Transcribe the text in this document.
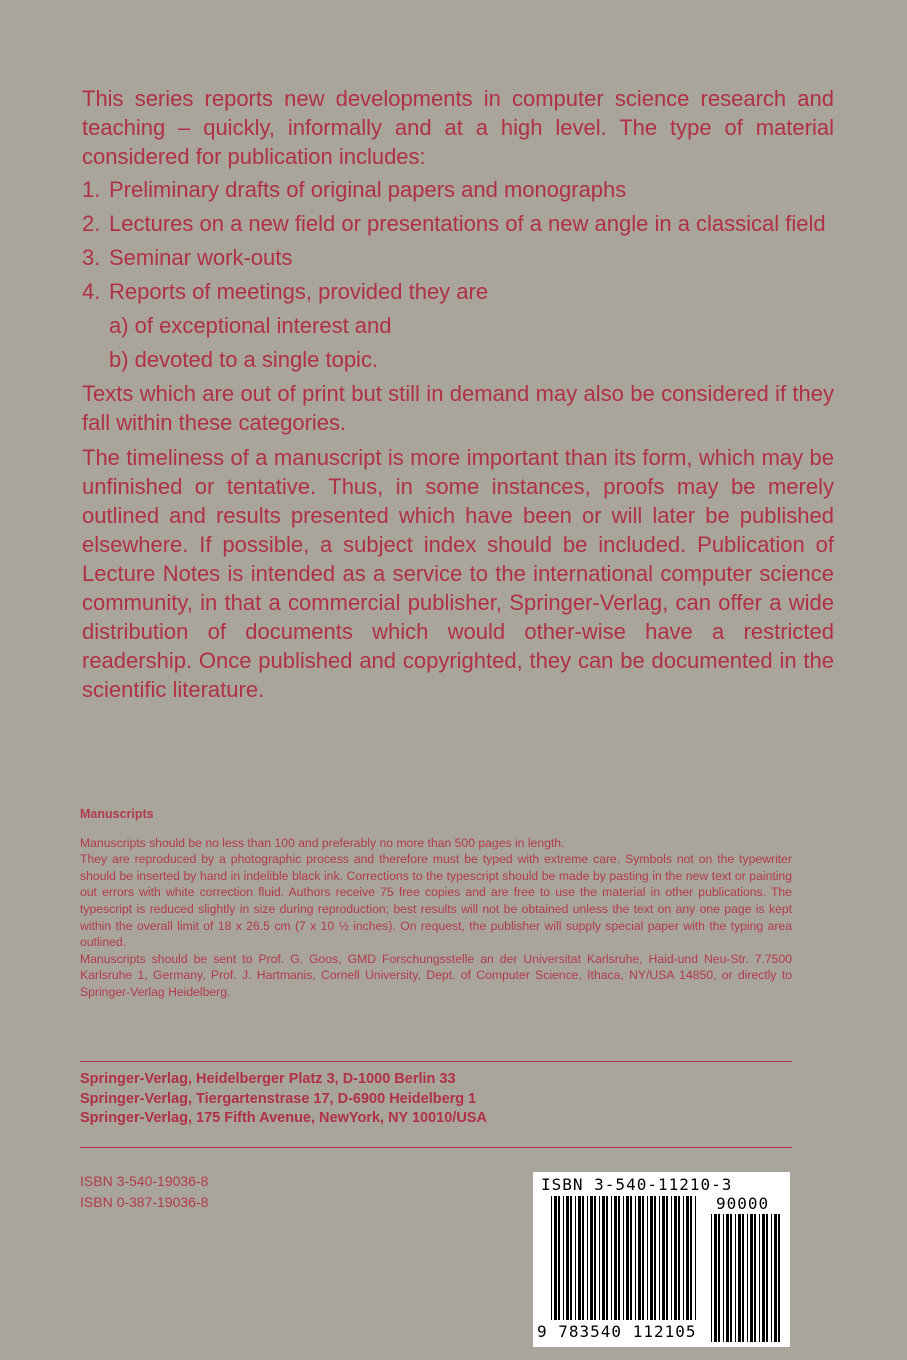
This series reports new developments in computer science research and teaching – quickly, informally and at a high level. The type of material considered for publication includes:

1. Preliminary drafts of original papers and monographs
2. Lectures on a new field or presentations of a new angle in a classical field
3. Seminar work-outs
4. Reports of meetings, provided they are
a) of exceptional interest and
b) devoted to a single topic.

Texts which are out of print but still in demand may also be considered if they fall within these categories.

The timeliness of a manuscript is more important than its form, which may be unfinished or tentative. Thus, in some instances, proofs may be merely outlined and results presented which have been or will later be published elsewhere. If possible, a subject index should be included. Publication of Lecture Notes is intended as a service to the international computer science community, in that a commercial publisher, Springer-Verlag, can offer a wide distribution of documents which would other-wise have a restricted readership. Once published and copyrighted, they can be documented in the scientific literature.

Manuscripts

Manuscripts should be no less than 100 and preferably no more than 500 pages in length.

They are reproduced by a photographic process and therefore must be typed with extreme care. Symbols not on the typewriter should be inserted by hand in indelible black ink. Corrections to the typescript should be made by pasting in the new text or painting out errors with white correction fluid. Authors receive 75 free copies and are free to use the material in other publications. The typescript is reduced slightly in size during reproduction; best results will not be obtained unless the text on any one page is kept within the overall limit of 18 x 26.5 cm (7 x 10 ½ inches). On request, the publisher will supply special paper with the typing area outlined.

Manuscripts should be sent to Prof. G. Goos, GMD Forschungsstelle an der Universitat Karlsruhe, Haid-und Neu-Str. 7.7500 Karlsruhe 1, Germany, Prof. J. Hartmanis, Cornell University, Dept. of Computer Science, Ithaca, NY/USA 14850, or directly to Springer-Verlag Heidelberg.

Springer-Verlag, Heidelberger Platz 3, D-1000 Berlin 33
Springer-Verlag, Tiergartenstrase 17, D-6900 Heidelberg 1
Springer-Verlag, 175 Fifth Avenue, NewYork, NY 10010/USA
ISBN 3-540-19036-8
ISBN 0-387-19036-8
ISBN 3-540-11210-3
90000
9 783540 112105
